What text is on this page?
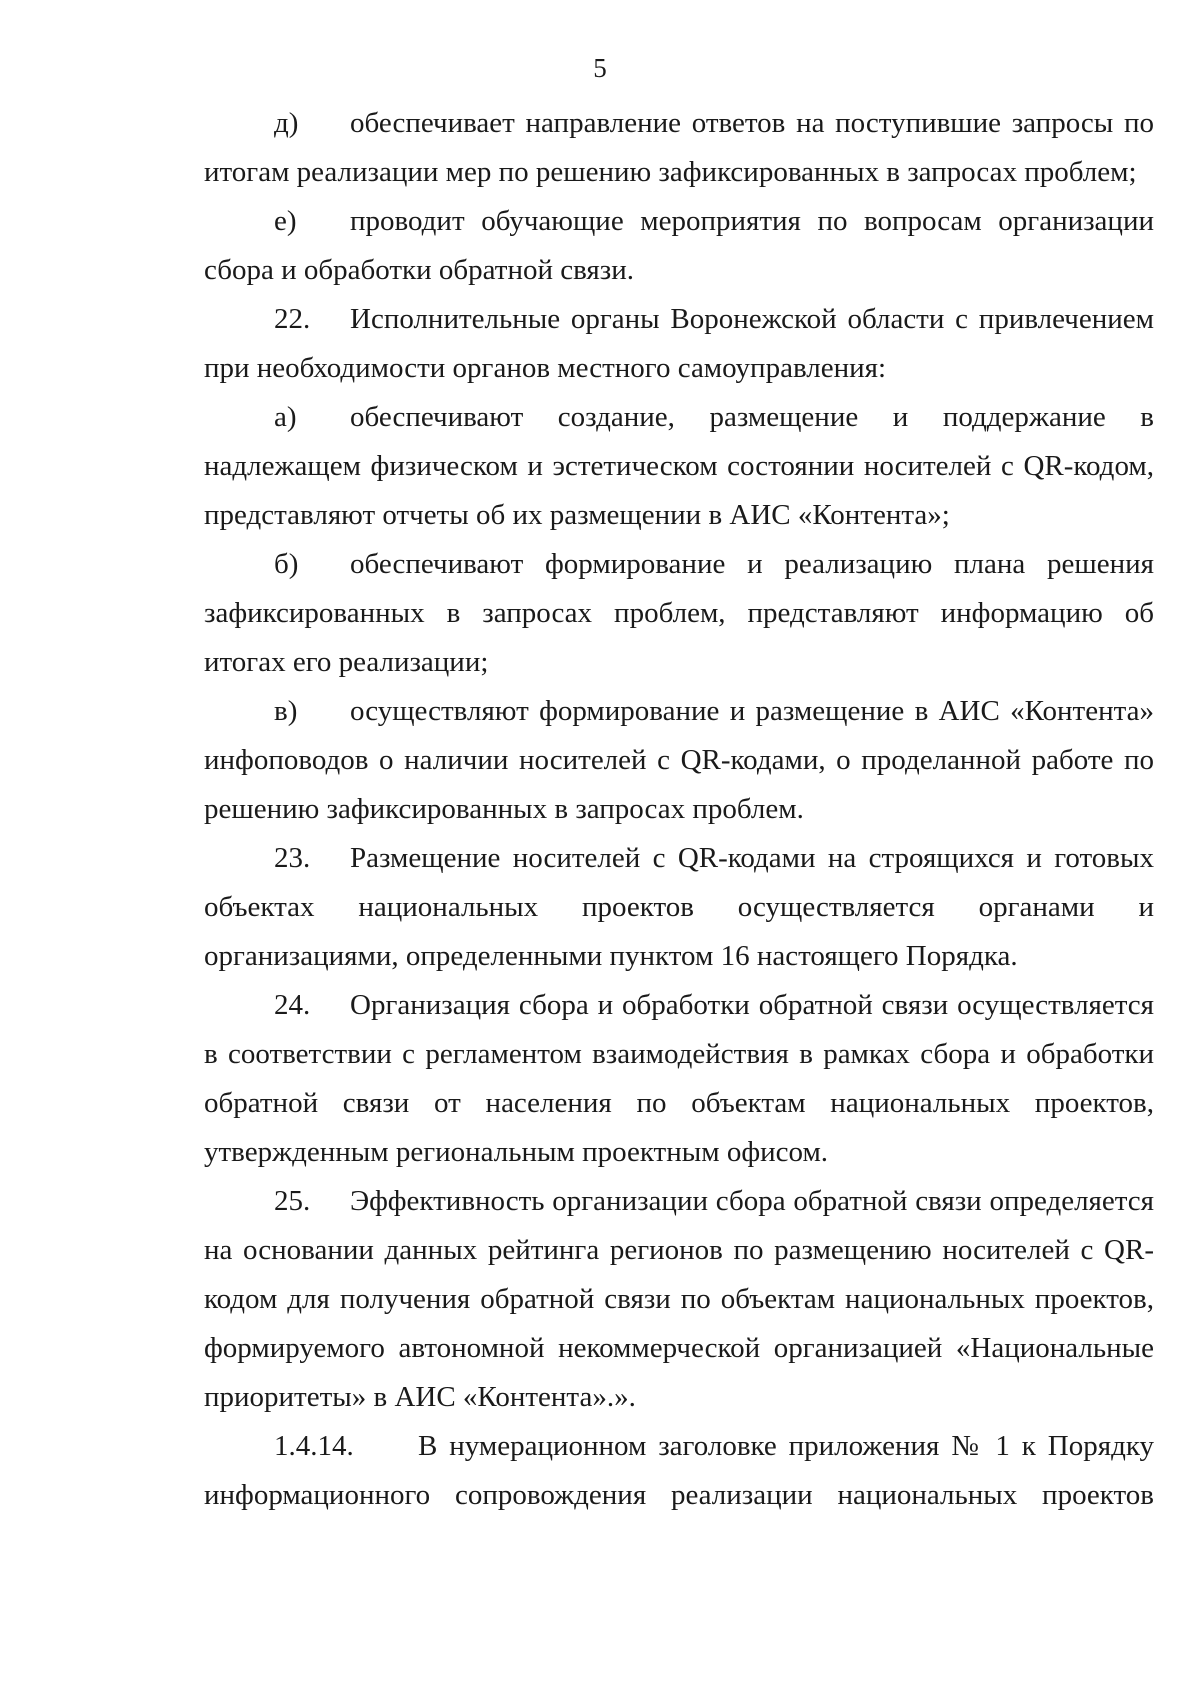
5

д) обеспечивает направление ответов на поступившие запросы по итогам реализации мер по решению зафиксированных в запросах проблем;

е) проводит обучающие мероприятия по вопросам организации сбора и обработки обратной связи.

22. Исполнительные органы Воронежской области с привлечением при необходимости органов местного самоуправления:

а) обеспечивают создание, размещение и поддержание в надлежащем физическом и эстетическом состоянии носителей с QR-кодом, представляют отчеты об их размещении в АИС «Контента»;

б) обеспечивают формирование и реализацию плана решения зафиксированных в запросах проблем, представляют информацию об итогах его реализации;

в) осуществляют формирование и размещение в АИС «Контента» инфоповодов о наличии носителей с QR-кодами, о проделанной работе по решению зафиксированных в запросах проблем.

23. Размещение носителей с QR-кодами на строящихся и готовых объектах национальных проектов осуществляется органами и организациями, определенными пунктом 16 настоящего Порядка.

24. Организация сбора и обработки обратной связи осуществляется в соответствии с регламентом взаимодействия в рамках сбора и обработки обратной связи от населения по объектам национальных проектов, утвержденным региональным проектным офисом.

25. Эффективность организации сбора обратной связи определяется на основании данных рейтинга регионов по размещению носителей с QR-кодом для получения обратной связи по объектам национальных проектов, формируемого автономной некоммерческой организацией «Национальные приоритеты» в АИС «Контента».».

1.4.14. В нумерационном заголовке приложения № 1 к Порядку информационного сопровождения реализации национальных проектов
